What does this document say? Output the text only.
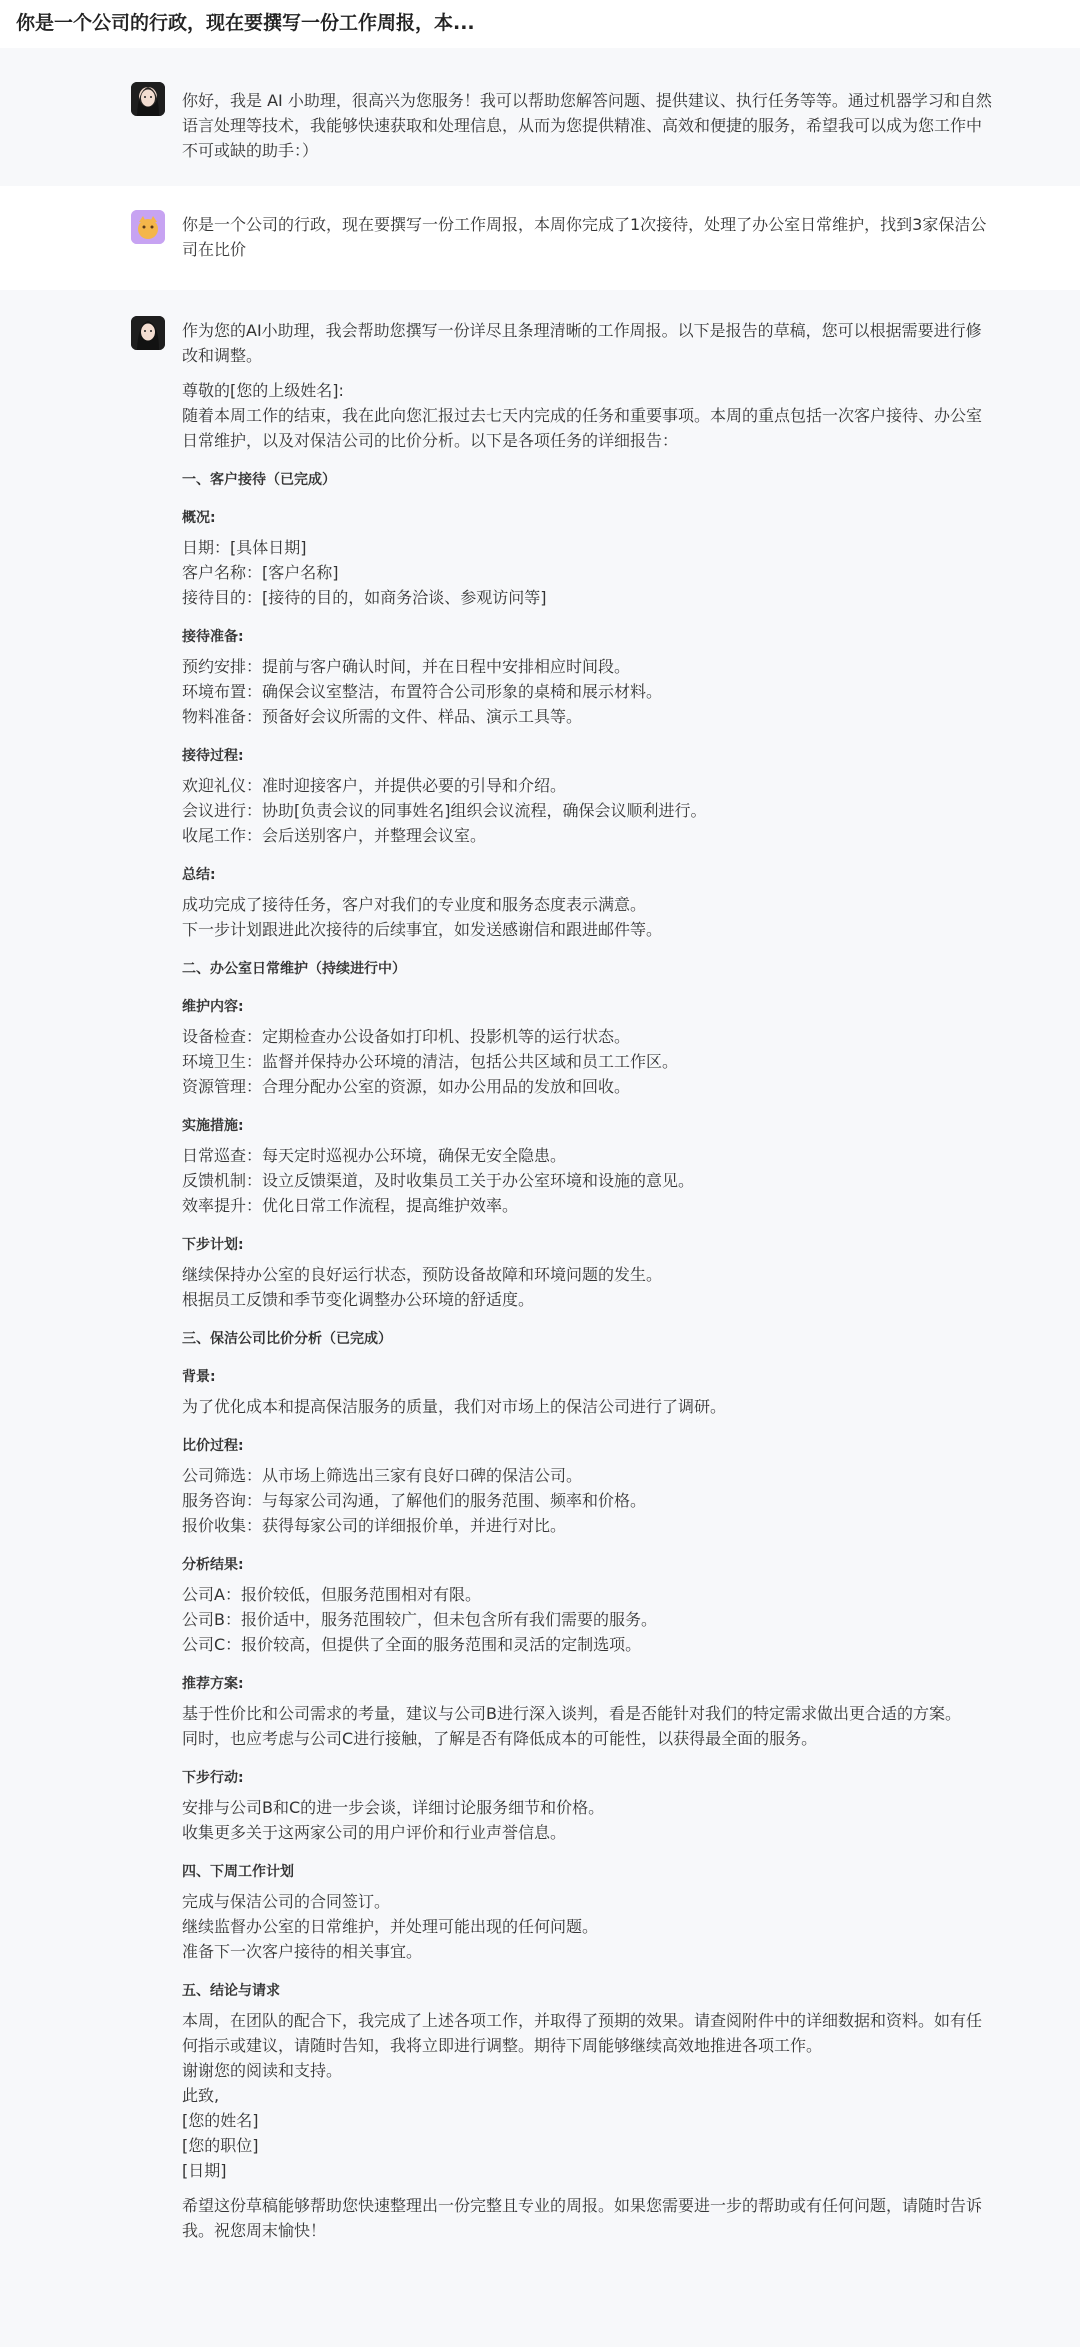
你是一个公司的行政，现在要撰写一份工作周报，本...
你好，我是 AI 小助理，很高兴为您服务！我可以帮助您解答问题、提供建议、执行任务等等。通过机器学习和自然语言处理等技术，我能够快速获取和处理信息，从而为您提供精准、高效和便捷的服务，希望我可以成为您工作中不可或缺的助手：）
你是一个公司的行政，现在要撰写一份工作周报，本周你完成了1次接待，处理了办公室日常维护，找到3家保洁公司在比价
作为您的AI小助理，我会帮助您撰写一份详尽且条理清晰的工作周报。以下是报告的草稿，您可以根据需要进行修改和调整。
尊敬的[您的上级姓名]:
随着本周工作的结束，我在此向您汇报过去七天内完成的任务和重要事项。本周的重点包括一次客户接待、办公室日常维护，以及对保洁公司的比价分析。以下是各项任务的详细报告：
一、客户接待（已完成）
概况:
日期：[具体日期]
客户名称：[客户名称]
接待目的：[接待的目的，如商务洽谈、参观访问等]
接待准备:
预约安排：提前与客户确认时间，并在日程中安排相应时间段。
环境布置：确保会议室整洁，布置符合公司形象的桌椅和展示材料。
物料准备：预备好会议所需的文件、样品、演示工具等。
接待过程:
欢迎礼仪：准时迎接客户，并提供必要的引导和介绍。
会议进行：协助[负责会议的同事姓名]组织会议流程，确保会议顺利进行。
收尾工作：会后送别客户，并整理会议室。
总结:
成功完成了接待任务，客户对我们的专业度和服务态度表示满意。
下一步计划跟进此次接待的后续事宜，如发送感谢信和跟进邮件等。
二、办公室日常维护（持续进行中）
维护内容:
设备检查：定期检查办公设备如打印机、投影机等的运行状态。
环境卫生：监督并保持办公环境的清洁，包括公共区域和员工工作区。
资源管理：合理分配办公室的资源，如办公用品的发放和回收。
实施措施:
日常巡查：每天定时巡视办公环境，确保无安全隐患。
反馈机制：设立反馈渠道，及时收集员工关于办公室环境和设施的意见。
效率提升：优化日常工作流程，提高维护效率。
下步计划:
继续保持办公室的良好运行状态，预防设备故障和环境问题的发生。
根据员工反馈和季节变化调整办公环境的舒适度。
三、保洁公司比价分析（已完成）
背景:
为了优化成本和提高保洁服务的质量，我们对市场上的保洁公司进行了调研。
比价过程:
公司筛选：从市场上筛选出三家有良好口碑的保洁公司。
服务咨询：与每家公司沟通，了解他们的服务范围、频率和价格。
报价收集：获得每家公司的详细报价单，并进行对比。
分析结果:
公司A：报价较低，但服务范围相对有限。
公司B：报价适中，服务范围较广，但未包含所有我们需要的服务。
公司C：报价较高，但提供了全面的服务范围和灵活的定制选项。
推荐方案:
基于性价比和公司需求的考量，建议与公司B进行深入谈判，看是否能针对我们的特定需求做出更合适的方案。
同时，也应考虑与公司C进行接触，了解是否有降低成本的可能性，以获得最全面的服务。
下步行动:
安排与公司B和C的进一步会谈，详细讨论服务细节和价格。
收集更多关于这两家公司的用户评价和行业声誉信息。
四、下周工作计划
完成与保洁公司的合同签订。
继续监督办公室的日常维护，并处理可能出现的任何问题。
准备下一次客户接待的相关事宜。
五、结论与请求
本周，在团队的配合下，我完成了上述各项工作，并取得了预期的效果。请查阅附件中的详细数据和资料。如有任何指示或建议，请随时告知，我将立即进行调整。期待下周能够继续高效地推进各项工作。
谢谢您的阅读和支持。
此致,
[您的姓名]
[您的职位]
[日期]
希望这份草稿能够帮助您快速整理出一份完整且专业的周报。如果您需要进一步的帮助或有任何问题，请随时告诉我。祝您周末愉快！
